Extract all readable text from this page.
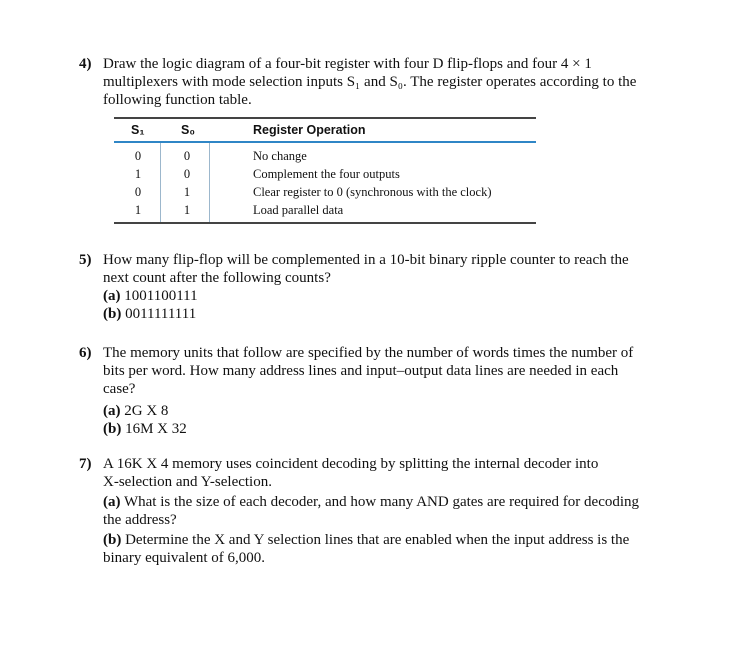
4) Draw the logic diagram of a four-bit register with four D flip-flops and four 4 × 1
multiplexers with mode selection inputs S₁ and S₀. The register operates according to the
following function table.
S₁	S₀	Register Operation
0	0	No change
1	0	Complement the four outputs
0	1	Clear register to 0 (synchronous with the clock)
1	1	Load parallel data
5) How many flip-flop will be complemented in a 10-bit binary ripple counter to reach the
next count after the following counts?
(a) 1001100111
(b) 0011111111
6) The memory units that follow are specified by the number of words times the number of
bits per word. How many address lines and input–output data lines are needed in each
case?
(a) 2G X 8
(b) 16M X 32
7) A 16K X 4 memory uses coincident decoding by splitting the internal decoder into
X-selection and Y-selection.
(a) What is the size of each decoder, and how many AND gates are required for decoding
the address?
(b) Determine the X and Y selection lines that are enabled when the input address is the
binary equivalent of 6,000.
